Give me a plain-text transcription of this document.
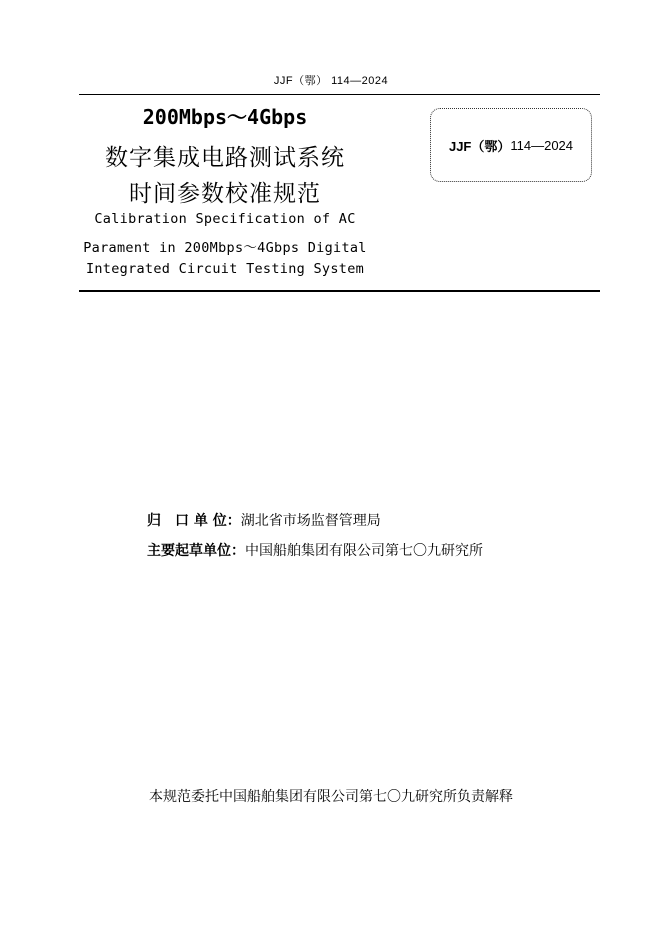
JJF（鄂） 114—2024
200Mbps～4Gbps
数字集成电路测试系统
时间参数校准规范
Calibration Specification of AC
Parament in 200Mbps～4Gbps Digital
Integrated Circuit Testing System
JJF（鄂） 114—2024
归　口 单 位：湖北省市场监督管理局
主要起草单位：中国船舶集团有限公司第七〇九研究所
本规范委托中国船舶集团有限公司第七〇九研究所负责解释
